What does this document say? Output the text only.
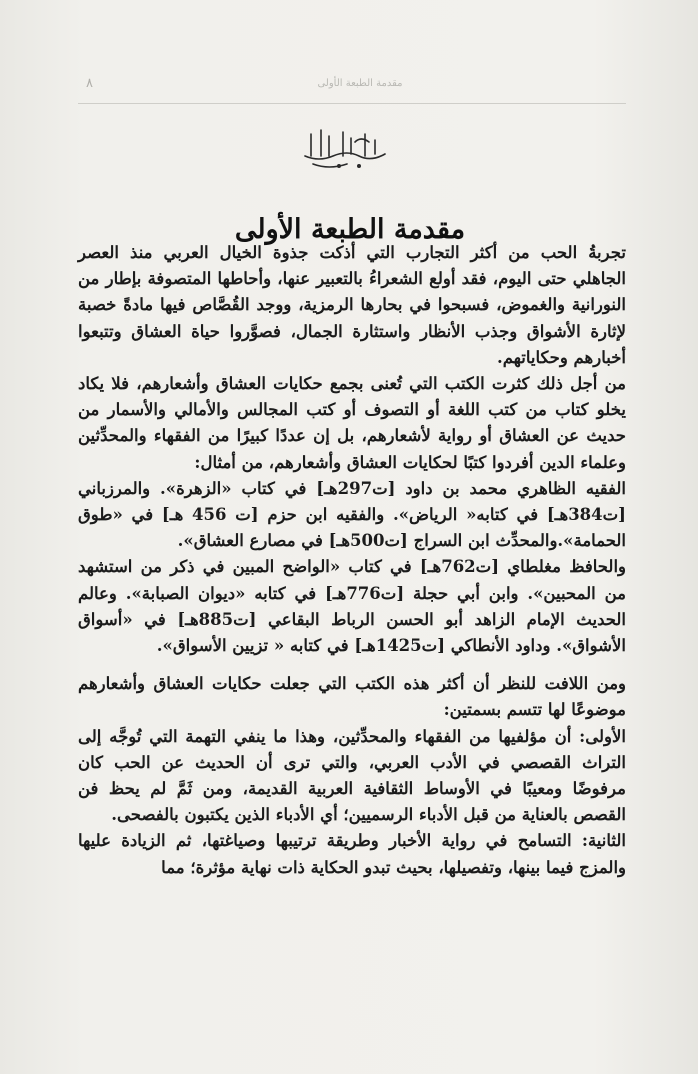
٨	مقدمة الطبعة الأولى
مقدمة الطبعة الأولى

تجربةُ الحب من أكثر التجارب التي أذكت جذوة الخيال العربي منذ العصر الجاهلي حتى اليوم، فقد أولع الشعراءُ بالتعبير عنها، وأحاطها المتصوفة بإطار من النورانية والغموض، فسبحوا في بحارها الرمزية، ووجد القُصَّاص فيها مادةً خصبة لإثارة الأشواق وجذب الأنظار واستثارة الجمال، فصوَّروا حياة العشاق وتتبعوا أخبارهم وحكاياتهم.

من أجل ذلك كثرت الكتب التي تُعنى بجمع حكايات العشاق وأشعارهم، فلا يكاد يخلو كتاب من كتب اللغة أو التصوف أو كتب المجالس والأمالي والأسمار من حديث عن العشاق أو رواية لأشعارهم، بل إن عددًا كبيرًا من الفقهاء والمحدِّثين وعلماء الدين أفردوا كتبًا لحكايات العشاق وأشعارهم، من أمثال:

الفقيه الظاهري محمد بن داود [ت297هـ] في كتاب «الزهرة». والمرزباني [ت384هـ] في كتابه« الرياض». والفقيه ابن حزم [ت 456 هـ] في «طوق الحمامة».والمحدِّث ابن السراج [ت500هـ] في مصارع العشاق».

والحافظ مغلطاي [ت762هـ] في كتاب «الواضح المبين في ذكر من استشهد من المحبين». وابن أبي حجلة [ت776هـ] في كتابه «ديوان الصبابة». وعالم الحديث الإمام الزاهد أبو الحسن الرباط البقاعي [ت885هـ] في «أسواق الأشواق». وداود الأنطاكي [ت1425هـ] في كتابه « تزيين الأسواق».

ومن اللافت للنظر أن أكثر هذه الكتب التي جعلت حكايات العشاق وأشعارهم موضوعًا لها تتسم بسمتين:

الأولى: أن مؤلفيها من الفقهاء والمحدِّثين، وهذا ما ينفي التهمة التي تُوجَّه إلى التراث القصصي في الأدب العربي، والتي ترى أن الحديث عن الحب كان مرفوضًا ومعيبًا في الأوساط الثقافية العربية القديمة، ومن ثَمَّ لم يحظ فن القصص بالعناية من قبل الأدباء الرسميين؛ أي الأدباء الذين يكتبون بالفصحى.

الثانية: التسامح في رواية الأخبار وطريقة ترتيبها وصياغتها، ثم الزيادة عليها والمزج فيما بينها، وتفصيلها، بحيث تبدو الحكاية ذات نهاية مؤثرة؛ مما
